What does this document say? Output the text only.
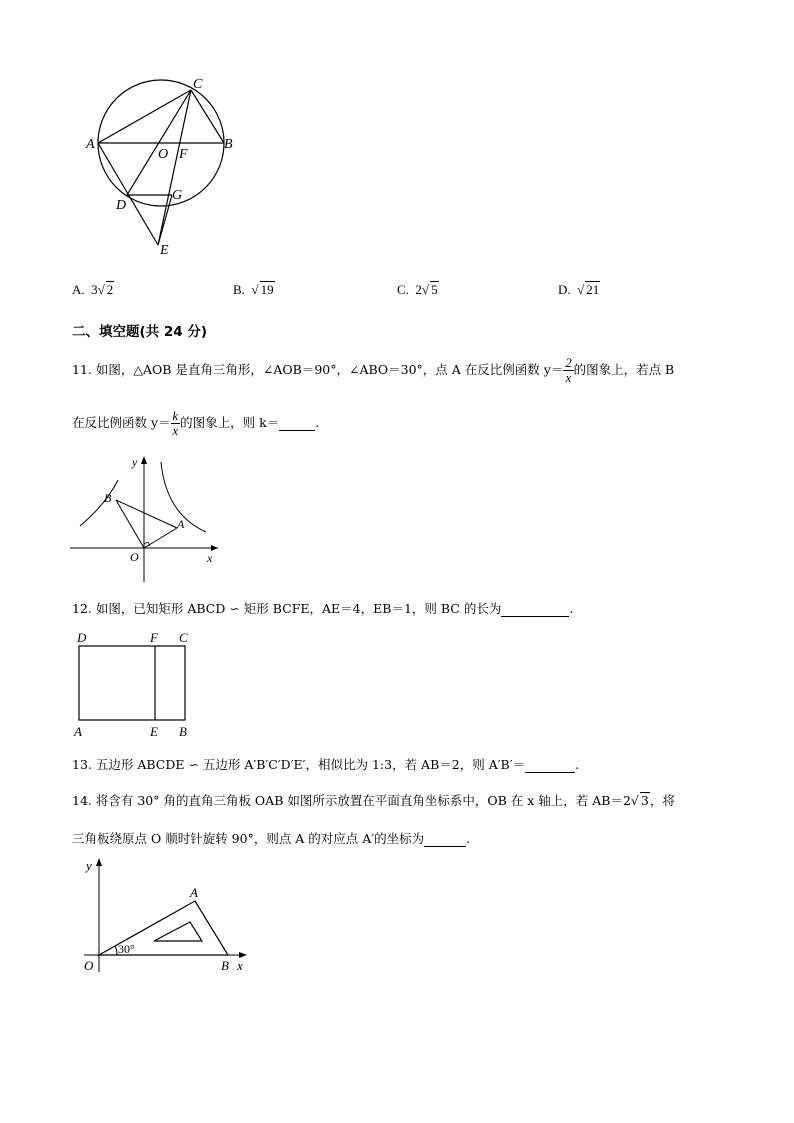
C
A	B
O F
G
D
E
A. 3√ 2	B. √ 19	C. 2√ 5	D. √ 21
二、填空题(共 24 分)
11. 如图，△AOB 是直角三角形，∠AOB＝90°，∠ABO＝30°，点 A 在反比例函数 $y= \frac{2}{x}$ 的图象上，若点 B
在反比例函数 $y= \frac{k}{x}$ 的图象上，则 k＝	.
y
x
O
B
A
12. 如图，已知矩形 ABCD ∽ 矩形 BCFE，AE＝4，EB＝1，则 BC 的长为	.
D	F C
A	E B
13. 五边形 ABCDE ∽ 五边形 A′B′C′D′E′，相似比为 1:3，若 AB＝2，则 A′B′＝	.
14. 将含有 30° 角的直角三角板 OAB 如图所示放置在平面直角坐标系中，OB 在 x 轴上，若 AB＝2√ 3，将
三角板绕原点 O 顺时针旋转 90°，则点 A 的对应点 A′的坐标为	.
y
O
A
B x
30°
